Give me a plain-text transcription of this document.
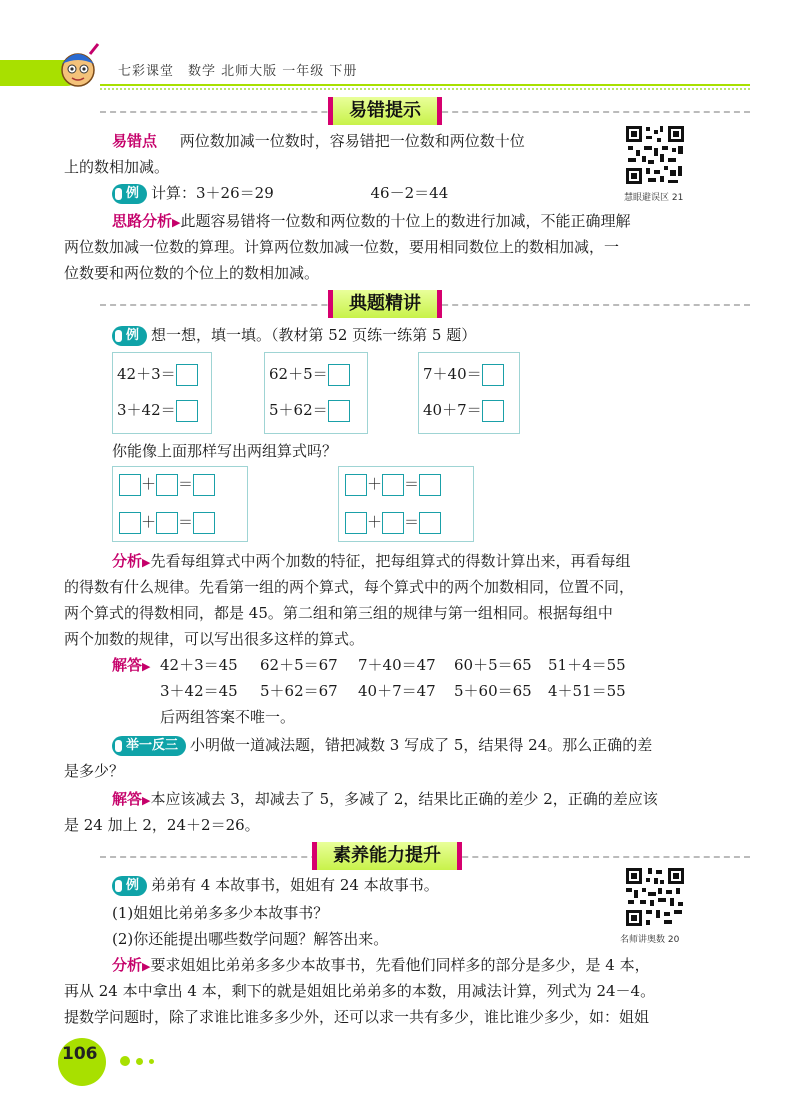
七彩课堂　数学 北师大版 一年级 下册
易错提示
易错点 两位数加减一位数时，容易错把一位数和两位数十位
上的数相加减。
例 计算：3＋26＝29	46－2＝44	慧眼避误区 21
思路分析▶此题容易错将一位数和两位数的十位上的数进行加减，不能正确理解
两位数加减一位数的算理。计算两位数加减一位数，要用相同数位上的数相加减，一
位数要和两位数的个位上的数相加减。
典题精讲
例 想一想，填一填。（教材第 52 页练一练第 5 题）
42＋3＝
3＋42＝
62＋5＝
5＋62＝
7＋40＝
40＋7＝
你能像上面那样写出两组算式吗？
＋ ＝
＋ ＝
＋ ＝
＋ ＝
分析▶先看每组算式中两个加数的特征，把每组算式的得数计算出来，再看每组
的得数有什么规律。先看第一组的两个算式，每个算式中的两个加数相同，位置不同，
两个算式的得数相同，都是 45。第二组和第三组的规律与第一组相同。根据每组中
两个加数的规律，可以写出很多这样的算式。
解答▶ 42＋3＝45 62＋5＝67 7＋40＝47 60＋5＝65 51＋4＝55
3＋42＝45 5＋62＝67 40＋7＝47 5＋60＝65 4＋51＝55
后两组答案不唯一。
举一反三 小明做一道减法题，错把减数 3 写成了 5，结果得 24。那么正确的差
是多少？
解答▶本应该减去 3，却减去了 5，多减了 2，结果比正确的差少 2，正确的差应该
是 24 加上 2，24＋2＝26。
素养能力提升
例 弟弟有 4 本故事书，姐姐有 24 本故事书。
(1)姐姐比弟弟多多少本故事书？
(2)你还能提出哪些数学问题？解答出来。	名师讲奥数 20
分析▶要求姐姐比弟弟多多少本故事书，先看他们同样多的部分是多少，是 4 本，
再从 24 本中拿出 4 本，剩下的就是姐姐比弟弟多的本数，用减法计算，列式为 24－4。
提数学问题时，除了求谁比谁多多少外，还可以求一共有多少，谁比谁少多少，如：姐姐
106
